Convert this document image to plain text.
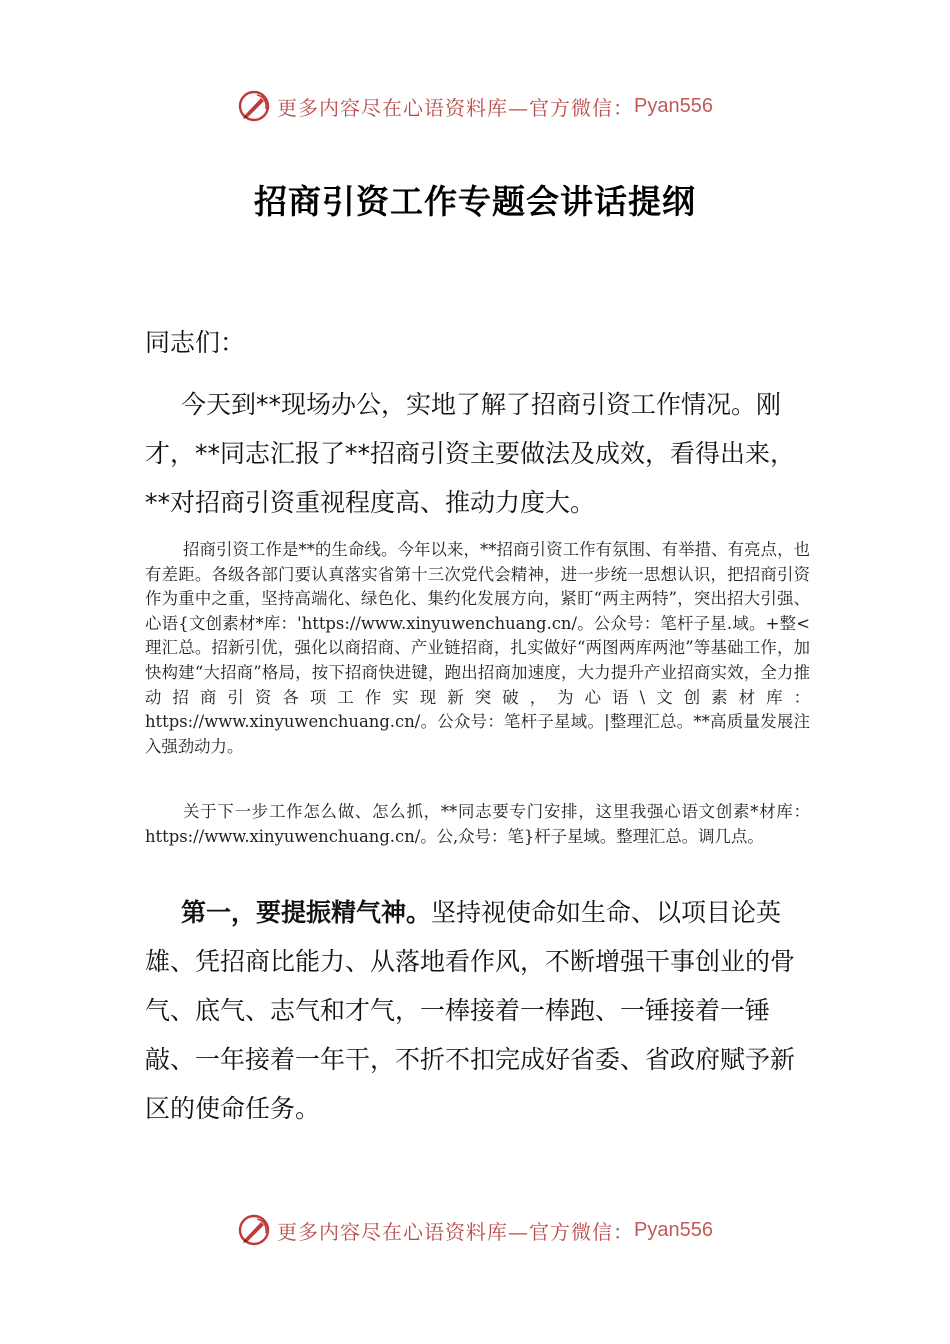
更多内容尽在心语资料库—官方微信： Pyan556
招商引资工作专题会讲话提纲

同志们：

今天到**现场办公，实地了解了招商引资工作情况。刚才，**同志汇报了**招商引资主要做法及成效，看得出来，**对招商引资重视程度高、推动力度大。

招商引资工作是**的生命线。今年以来，**招商引资工作有氛围、有举措、有亮点，也有差距。各级各部门要认真落实省第十三次党代会精神，进一步统一思想认识，把招商引资作为重中之重，坚持高端化、绿色化、集约化发展方向，紧盯“两主两特”，突出招大引强、心语{文创素材*库：'https://www.xinyuwenchuang.cn/。公众号：笔杆子星.域。+整<理汇总。招新引优，强化以商招商、产业链招商，扎实做好“两图两库两池”等基础工作，加快构建“大招商”格局，按下招商快进键，跑出招商加速度，大力提升产业招商实效，全力推动招商引资各项工作实现新突破，为心语\文创素材库：https://www.xinyuwenchuang.cn/。公众号：笔杆子星域。|整理汇总。**高质量发展注入强劲动力。

关于下一步工作怎么做、怎么抓，**同志要专门安排，这里我强心语文创素*材库：https://www.xinyuwenchuang.cn/。公,众号：笔}杆子星域。整理汇总。调几点。

第一，要提振精气神。坚持视使命如生命、以项目论英雄、凭招商比能力、从落地看作风，不断增强干事创业的骨气、底气、志气和才气，一棒接着一棒跑、一锤接着一锤敲、一年接着一年干，不折不扣完成好省委、省政府赋予新区的使命任务。

更多内容尽在心语资料库—官方微信： Pyan556
